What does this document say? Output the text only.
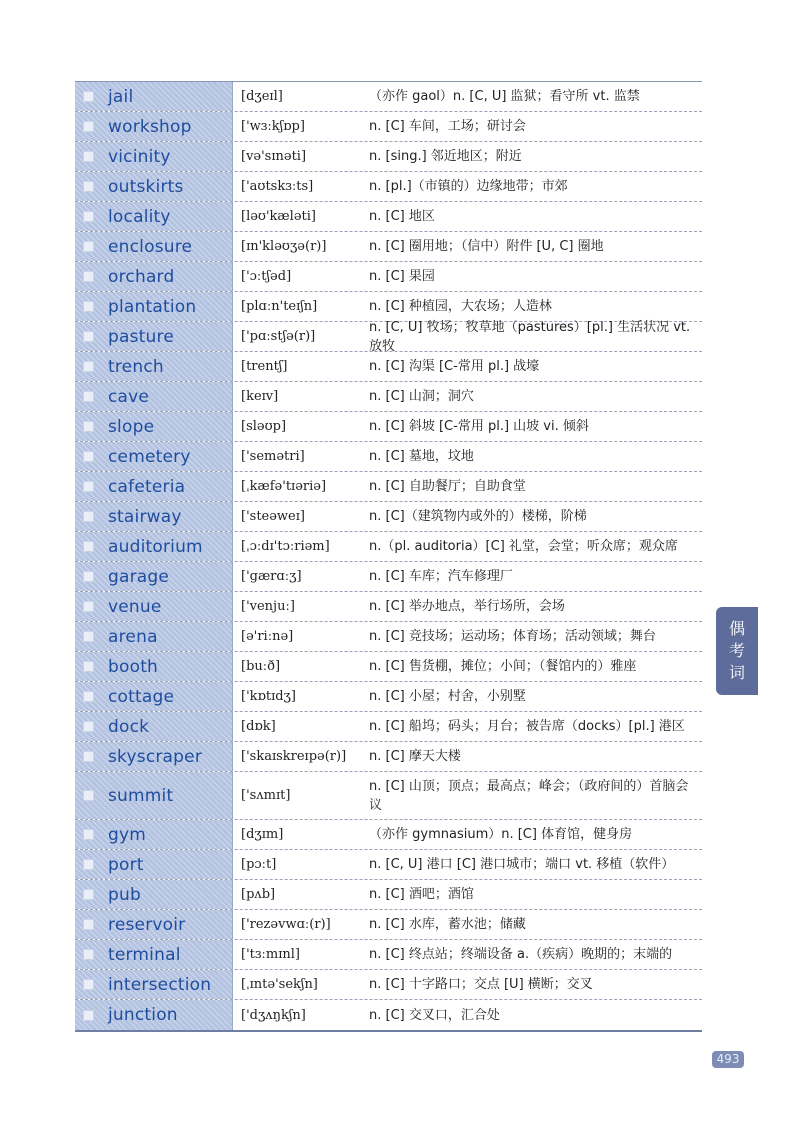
jail	[dʒeɪl]	（亦作 gaol）n. [C, U] 监狱；看守所 vt. 监禁
workshop	['wɜːkʃɒp]	n. [C] 车间，工场；研讨会
vicinity	[və'sɪnəti]	n. [sing.] 邻近地区；附近
outskirts	['aʊtskɜːts]	n. [pl.]（市镇的）边缘地带；市郊
locality	[ləʊ'kæləti]	n. [C] 地区
enclosure	[ɪn'kləʊʒə(r)]	n. [C] 圈用地；（信中）附件 [U, C] 圈地
orchard	['ɔːtʃəd]	n. [C] 果园
plantation	[plɑːn'teɪʃn]	n. [C] 种植园，大农场；人造林
pasture	['pɑːstʃə(r)]
n. [C, U] 牧场；牧草地（pastures）[pl.] 生活状况 vt. 放牧
trench	[trentʃ]	n. [C] 沟渠 [C-常用 pl.] 战壕
cave	[keɪv]	n. [C] 山洞；洞穴
slope	[sləʊp]	n. [C] 斜坡 [C-常用 pl.] 山坡 vi. 倾斜
cemetery	['semətri]	n. [C] 墓地，坟地
cafeteria	[ˌkæfə'tɪəriə]	n. [C] 自助餐厅；自助食堂
stairway	['steəweɪ]	n. [C]（建筑物内或外的）楼梯，阶梯
auditorium	[ˌɔːdɪ'tɔːriəm]	n.（pl. auditoria）[C] 礼堂，会堂；听众席；观众席
garage	['gærɑːʒ]	n. [C] 车库；汽车修理厂
venue	['venjuː]	n. [C] 举办地点，举行场所，会场
arena	[ə'riːnə]	n. [C] 竞技场；运动场；体育场；活动领域；舞台
booth	[buːð]	n. [C] 售货棚，摊位；小间；（餐馆内的）雅座
cottage	['kɒtɪdʒ]	n. [C] 小屋；村舍，小别墅
dock	[dɒk]	n. [C] 船坞；码头；月台；被告席（docks）[pl.] 港区
skyscraper	['skaɪskreɪpə(r)]	n. [C] 摩天大楼
summit	['sʌmɪt]
n. [C] 山顶；顶点；最高点；峰会；（政府间的）首脑会议
gym	[dʒɪm]	（亦作 gymnasium）n. [C] 体育馆，健身房
port	[pɔːt]	n. [C, U] 港口 [C] 港口城市；端口 vt. 移植（软件）
pub	[pʌb]	n. [C] 酒吧；酒馆
reservoir	['rezəvwɑː(r)]	n. [C] 水库，蓄水池；储藏
terminal	['tɜːmɪnl]	n. [C] 终点站；终端设备 a.（疾病）晚期的；末端的
intersection	[ˌɪntə'sekʃn]	n. [C] 十字路口；交点 [U] 横断；交叉
junction	['dʒʌŋkʃn]	n. [C] 交叉口，汇合处
偶
考
词
493
